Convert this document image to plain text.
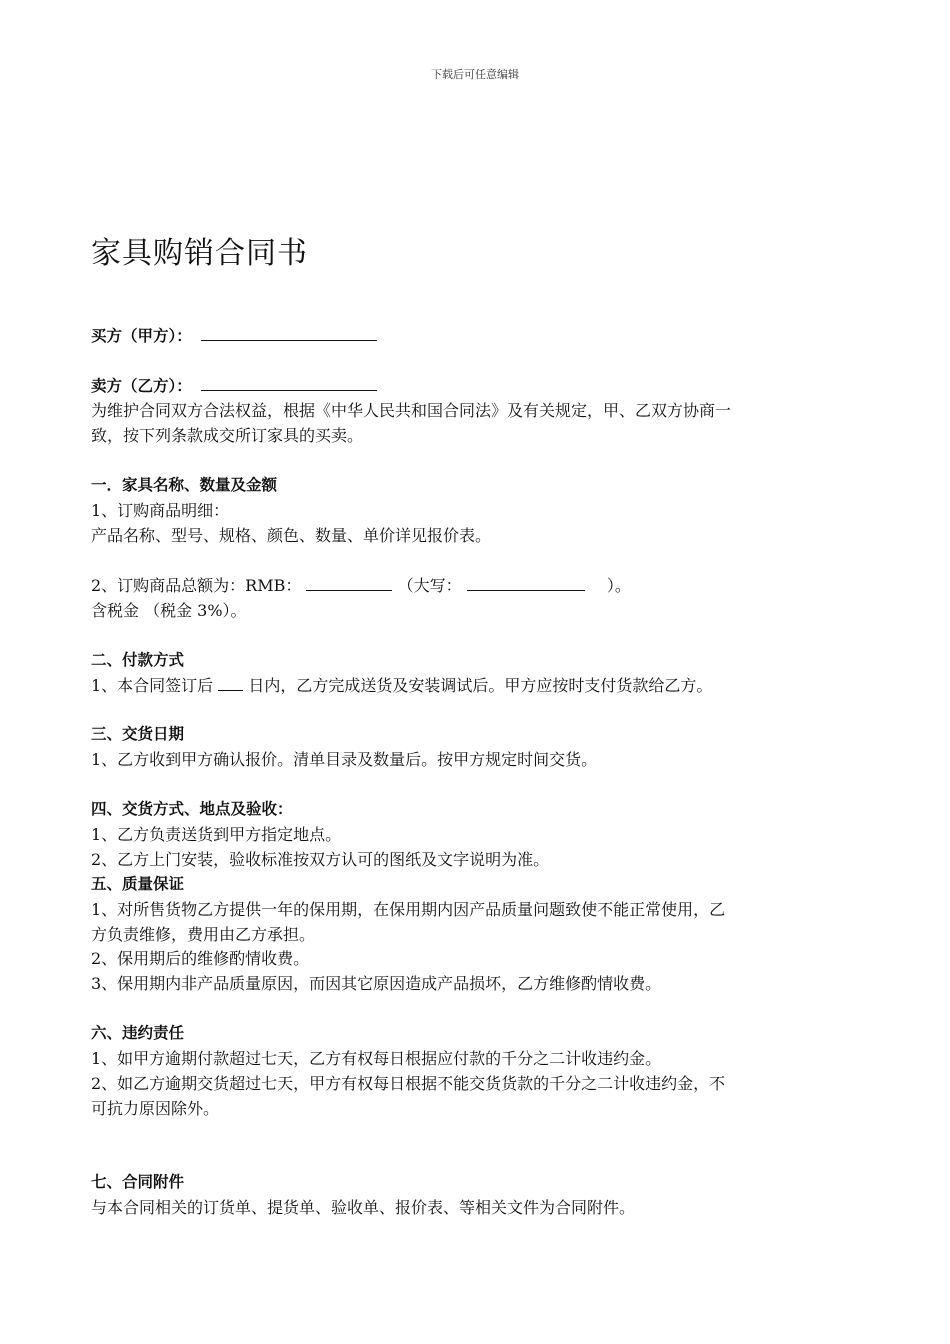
下载后可任意编辑
家具购销合同书
买方（甲方）：
卖方（乙方）：
为维护合同双方合法权益，根据《中华人民共和国合同法》及有关规定，甲、乙双方协商一
致，按下列条款成交所订家具的买卖。
一．家具名称、数量及金额
1、订购商品明细：
产品名称、型号、规格、颜色、数量、单价详见报价表。
2、订购商品总额为：RMB：	（大写：	）。
含税金 （税金 3%）。
二、付款方式
1、本合同签订后 日内，乙方完成送货及安装调试后。甲方应按时支付货款给乙方。
三、交货日期
1、乙方收到甲方确认报价。清单目录及数量后。按甲方规定时间交货。
四、交货方式、地点及验收：
1、乙方负责送货到甲方指定地点。
2、乙方上门安装，验收标准按双方认可的图纸及文字说明为准。
五、质量保证
1、对所售货物乙方提供一年的保用期，在保用期内因产品质量问题致使不能正常使用，乙
方负责维修，费用由乙方承担。
2、保用期后的维修酌情收费。
3、保用期内非产品质量原因，而因其它原因造成产品损坏，乙方维修酌情收费。
六、违约责任
1、如甲方逾期付款超过七天，乙方有权每日根据应付款的千分之二计收违约金。
2、如乙方逾期交货超过七天，甲方有权每日根据不能交货货款的千分之二计收违约金，不
可抗力原因除外。
七、合同附件
与本合同相关的订货单、提货单、验收单、报价表、等相关文件为合同附件。
